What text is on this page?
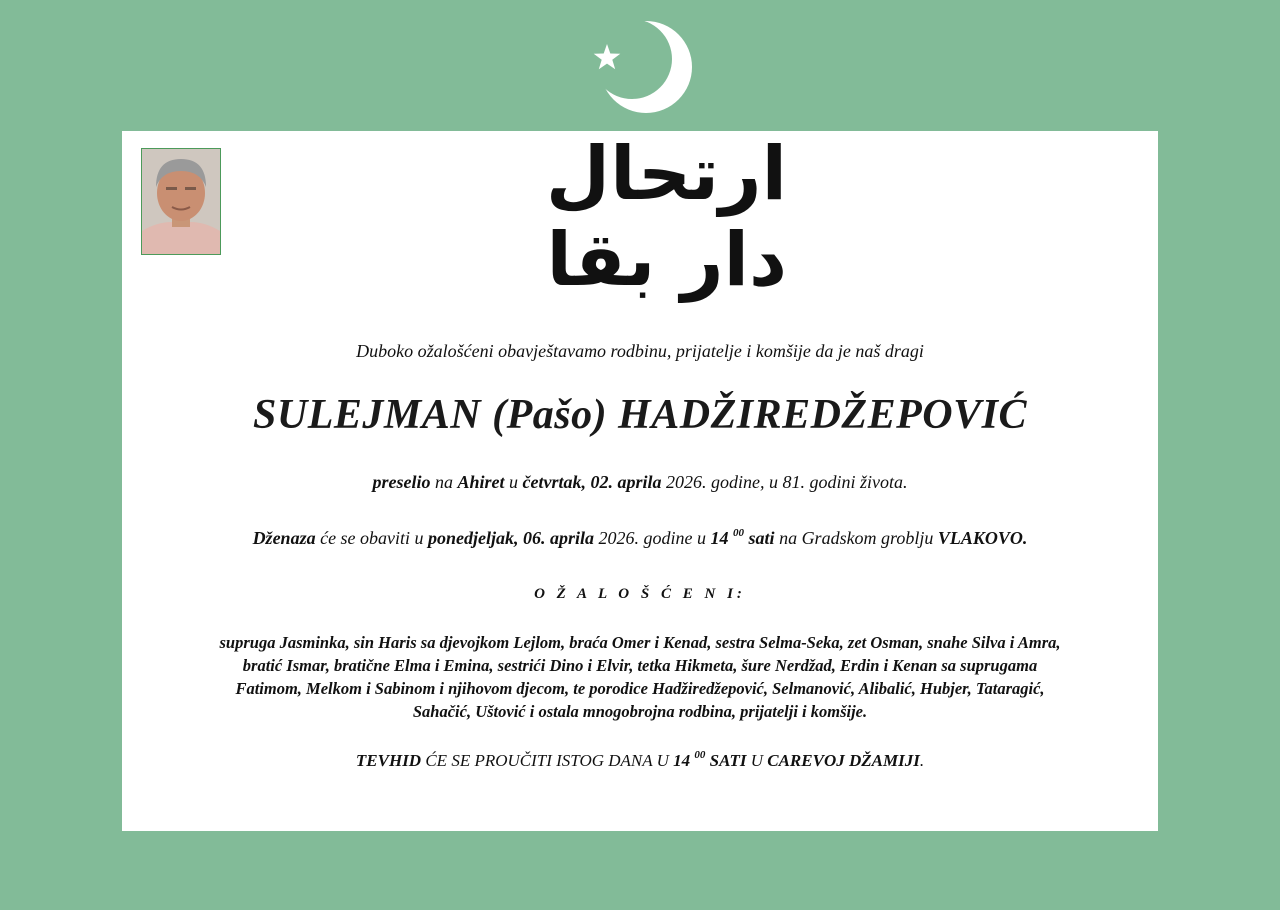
ارتحال دار بقا
Duboko ožalošćeni obavještavamo rodbinu, prijatelje i komšije da je naš dragi
SULEJMAN (Pašo) HADŽIREDŽEPOVIĆ
preselio na Ahiret u četvrtak, 02. aprila 2026. godine, u 81. godini života.
Dženaza će se obaviti u ponedjeljak, 06. aprila 2026. godine u 14 $^{00}$ sati na Gradskom groblju VLAKOVO.
O Ž A L O Š Ć E N I:
supruga Jasminka, sin Haris sa djevojkom Lejlom, braća Omer i Kenad, sestra Selma-Seka, zet Osman, snahe Silva i Amra,
bratić Ismar, bratične Elma i Emina, sestrići Dino i Elvir, tetka Hikmeta, šure Nerdžad, Erdin i Kenan sa suprugama
Fatimom, Melkom i Sabinom i njihovom djecom, te porodice Hadžiredžepović, Selmanović, Alibalić, Hubjer, Tataragić,
Sahačić, Uštović i ostala mnogobrojna rodbina, prijatelji i komšije.
TEVHID ĆE SE PROUČITI ISTOG DANA U 14 $^{00}$ SATI U CAREVOJ DŽAMIJI.
